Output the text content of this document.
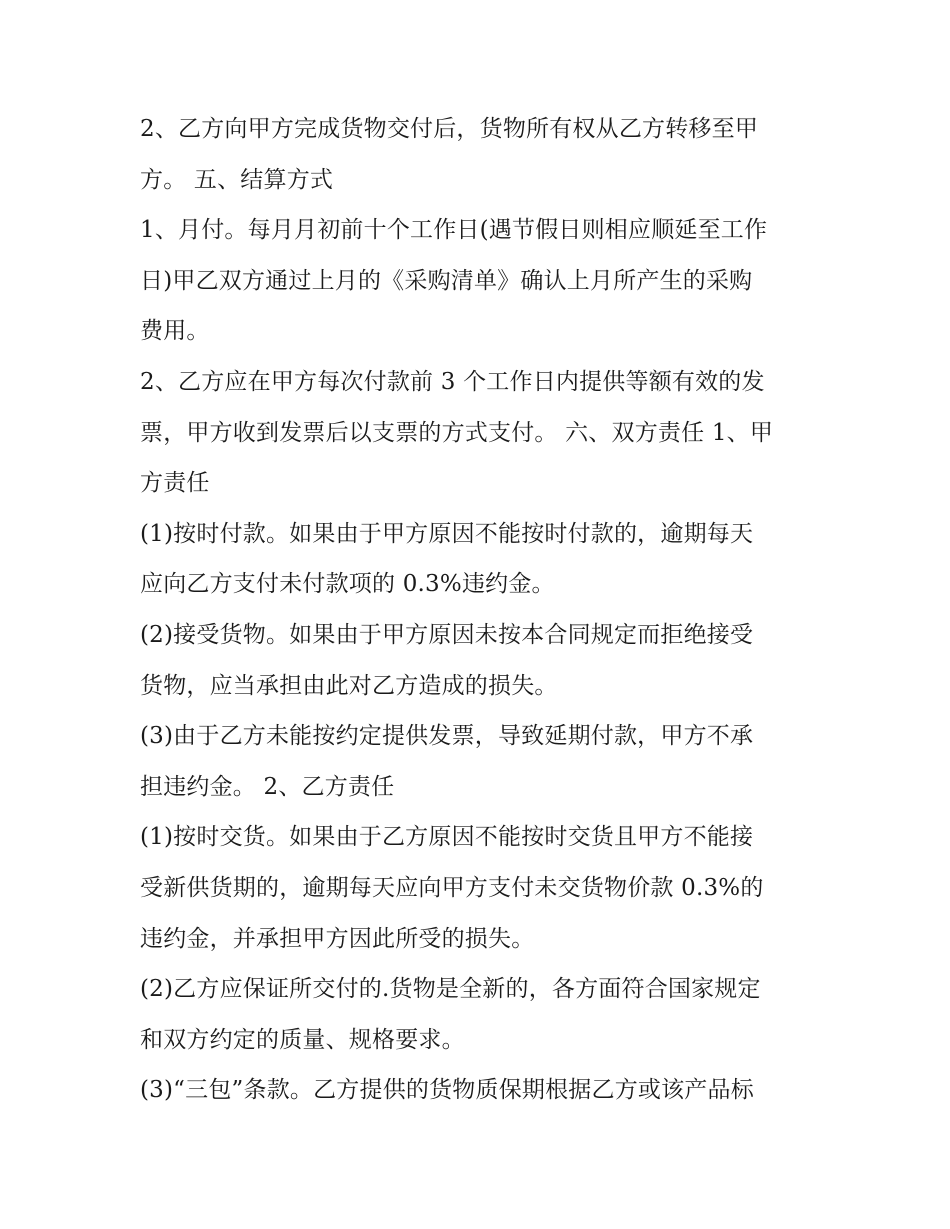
2、乙方向甲方完成货物交付后，货物所有权从乙方转移至甲

方。 五、结算方式

1、月付。每月月初前十个工作日(遇节假日则相应顺延至工作

日)甲乙双方通过上月的《采购清单》确认上月所产生的采购

费用。

2、乙方应在甲方每次付款前 3 个工作日内提供等额有效的发

票，甲方收到发票后以支票的方式支付。 六、双方责任 1、甲

方责任

(1)按时付款。如果由于甲方原因不能按时付款的，逾期每天

应向乙方支付未付款项的 0.3%违约金。

(2)接受货物。如果由于甲方原因未按本合同规定而拒绝接受

货物，应当承担由此对乙方造成的损失。

(3)由于乙方未能按约定提供发票，导致延期付款，甲方不承

担违约金。 2、乙方责任

(1)按时交货。如果由于乙方原因不能按时交货且甲方不能接

受新供货期的，逾期每天应向甲方支付未交货物价款 0.3%的

违约金，并承担甲方因此所受的损失。

(2)乙方应保证所交付的.货物是全新的，各方面符合国家规定

和双方约定的质量、规格要求。

(3)“三包”条款。乙方提供的货物质保期根据乙方或该产品标
